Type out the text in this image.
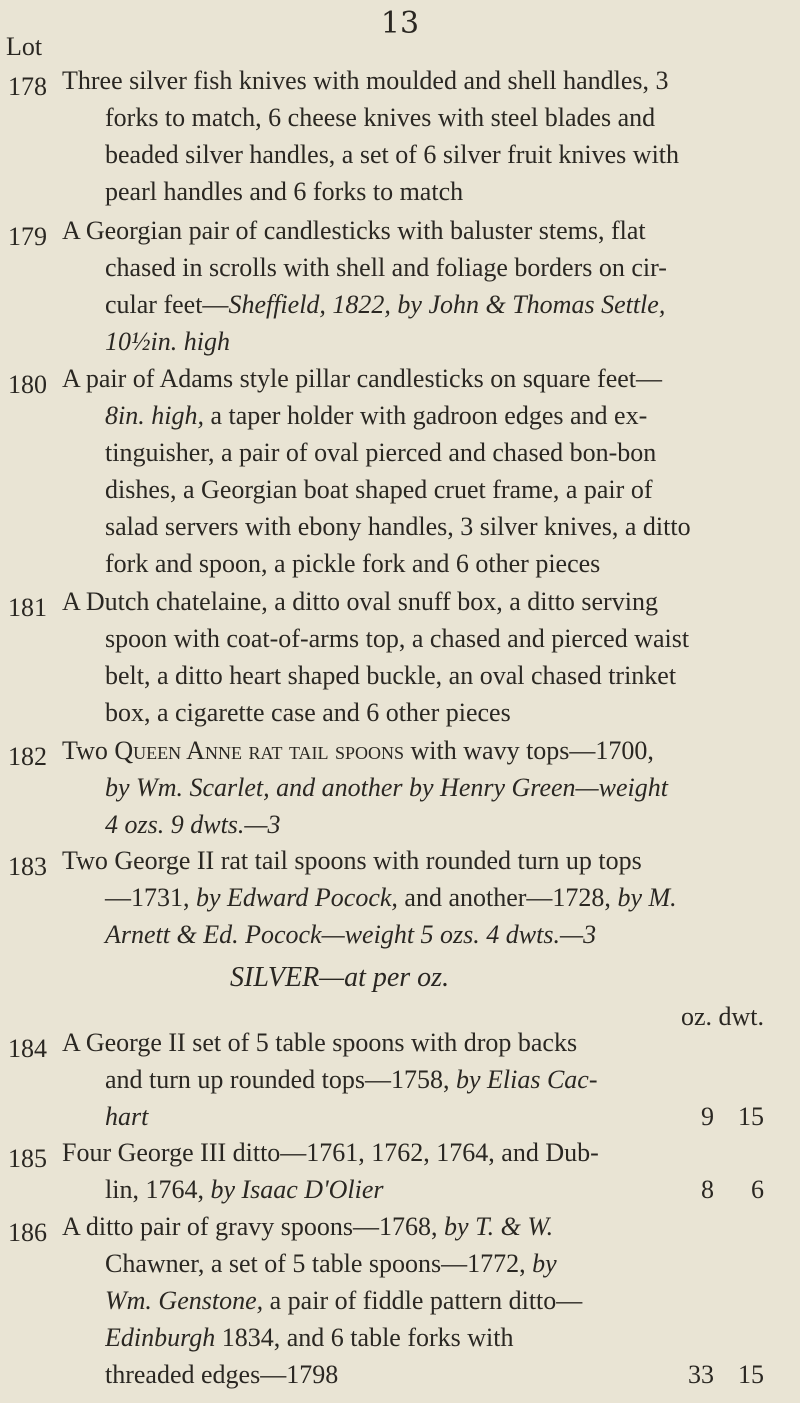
13
Lot
178 Three silver fish knives with moulded and shell handles, 3
forks to match, 6 cheese knives with steel blades and
beaded silver handles, a set of 6 silver fruit knives with
pearl handles and 6 forks to match
179 A Georgian pair of candlesticks with baluster stems, flat
chased in scrolls with shell and foliage borders on cir-
cular feet—Sheffield, 1822, by John & Thomas Settle,
10½in. high
180 A pair of Adams style pillar candlesticks on square feet—
8in. high, a taper holder with gadroon edges and ex-
tinguisher, a pair of oval pierced and chased bon-bon
dishes, a Georgian boat shaped cruet frame, a pair of
salad servers with ebony handles, 3 silver knives, a ditto
fork and spoon, a pickle fork and 6 other pieces
181 A Dutch chatelaine, a ditto oval snuff box, a ditto serving
spoon with coat-of-arms top, a chased and pierced waist
belt, a ditto heart shaped buckle, an oval chased trinket
box, a cigarette case and 6 other pieces
182 Two Queen Anne rat tail spoons with wavy tops—1700,
by Wm. Scarlet, and another by Henry Green—weight
4 ozs. 9 dwts.—3
183 Two George II rat tail spoons with rounded turn up tops
—1731, by Edward Pocock, and another—1728, by M.
Arnett & Ed. Pocock—weight 5 ozs. 4 dwts.—3
SILVER—at per oz.
oz. dwt.
184 A George II set of 5 table spoons with drop backs
and turn up rounded tops—1758, by Elias Cac-
hart	9 15
185 Four George III ditto—1761, 1762, 1764, and Dub-
lin, 1764, by Isaac D'Olier	8 6
186 A ditto pair of gravy spoons—1768, by T. & W.
Chawner, a set of 5 table spoons—1772, by
Wm. Genstone, a pair of fiddle pattern ditto—
Edinburgh 1834, and 6 table forks with
threaded edges—1798	33 15
